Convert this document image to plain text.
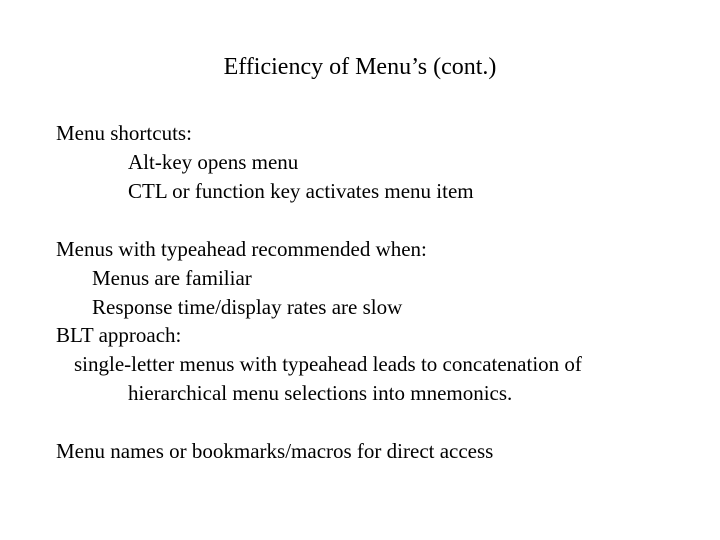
Efficiency of Menu’s (cont.)
Menu shortcuts:
Alt-key opens menu
CTL or function key activates menu item
Menus with typeahead recommended when:
Menus are familiar
Response time/display rates are slow
BLT approach:
single-letter menus with typeahead leads to concatenation of
hierarchical menu selections into mnemonics.
Menu names or bookmarks/macros for direct access
